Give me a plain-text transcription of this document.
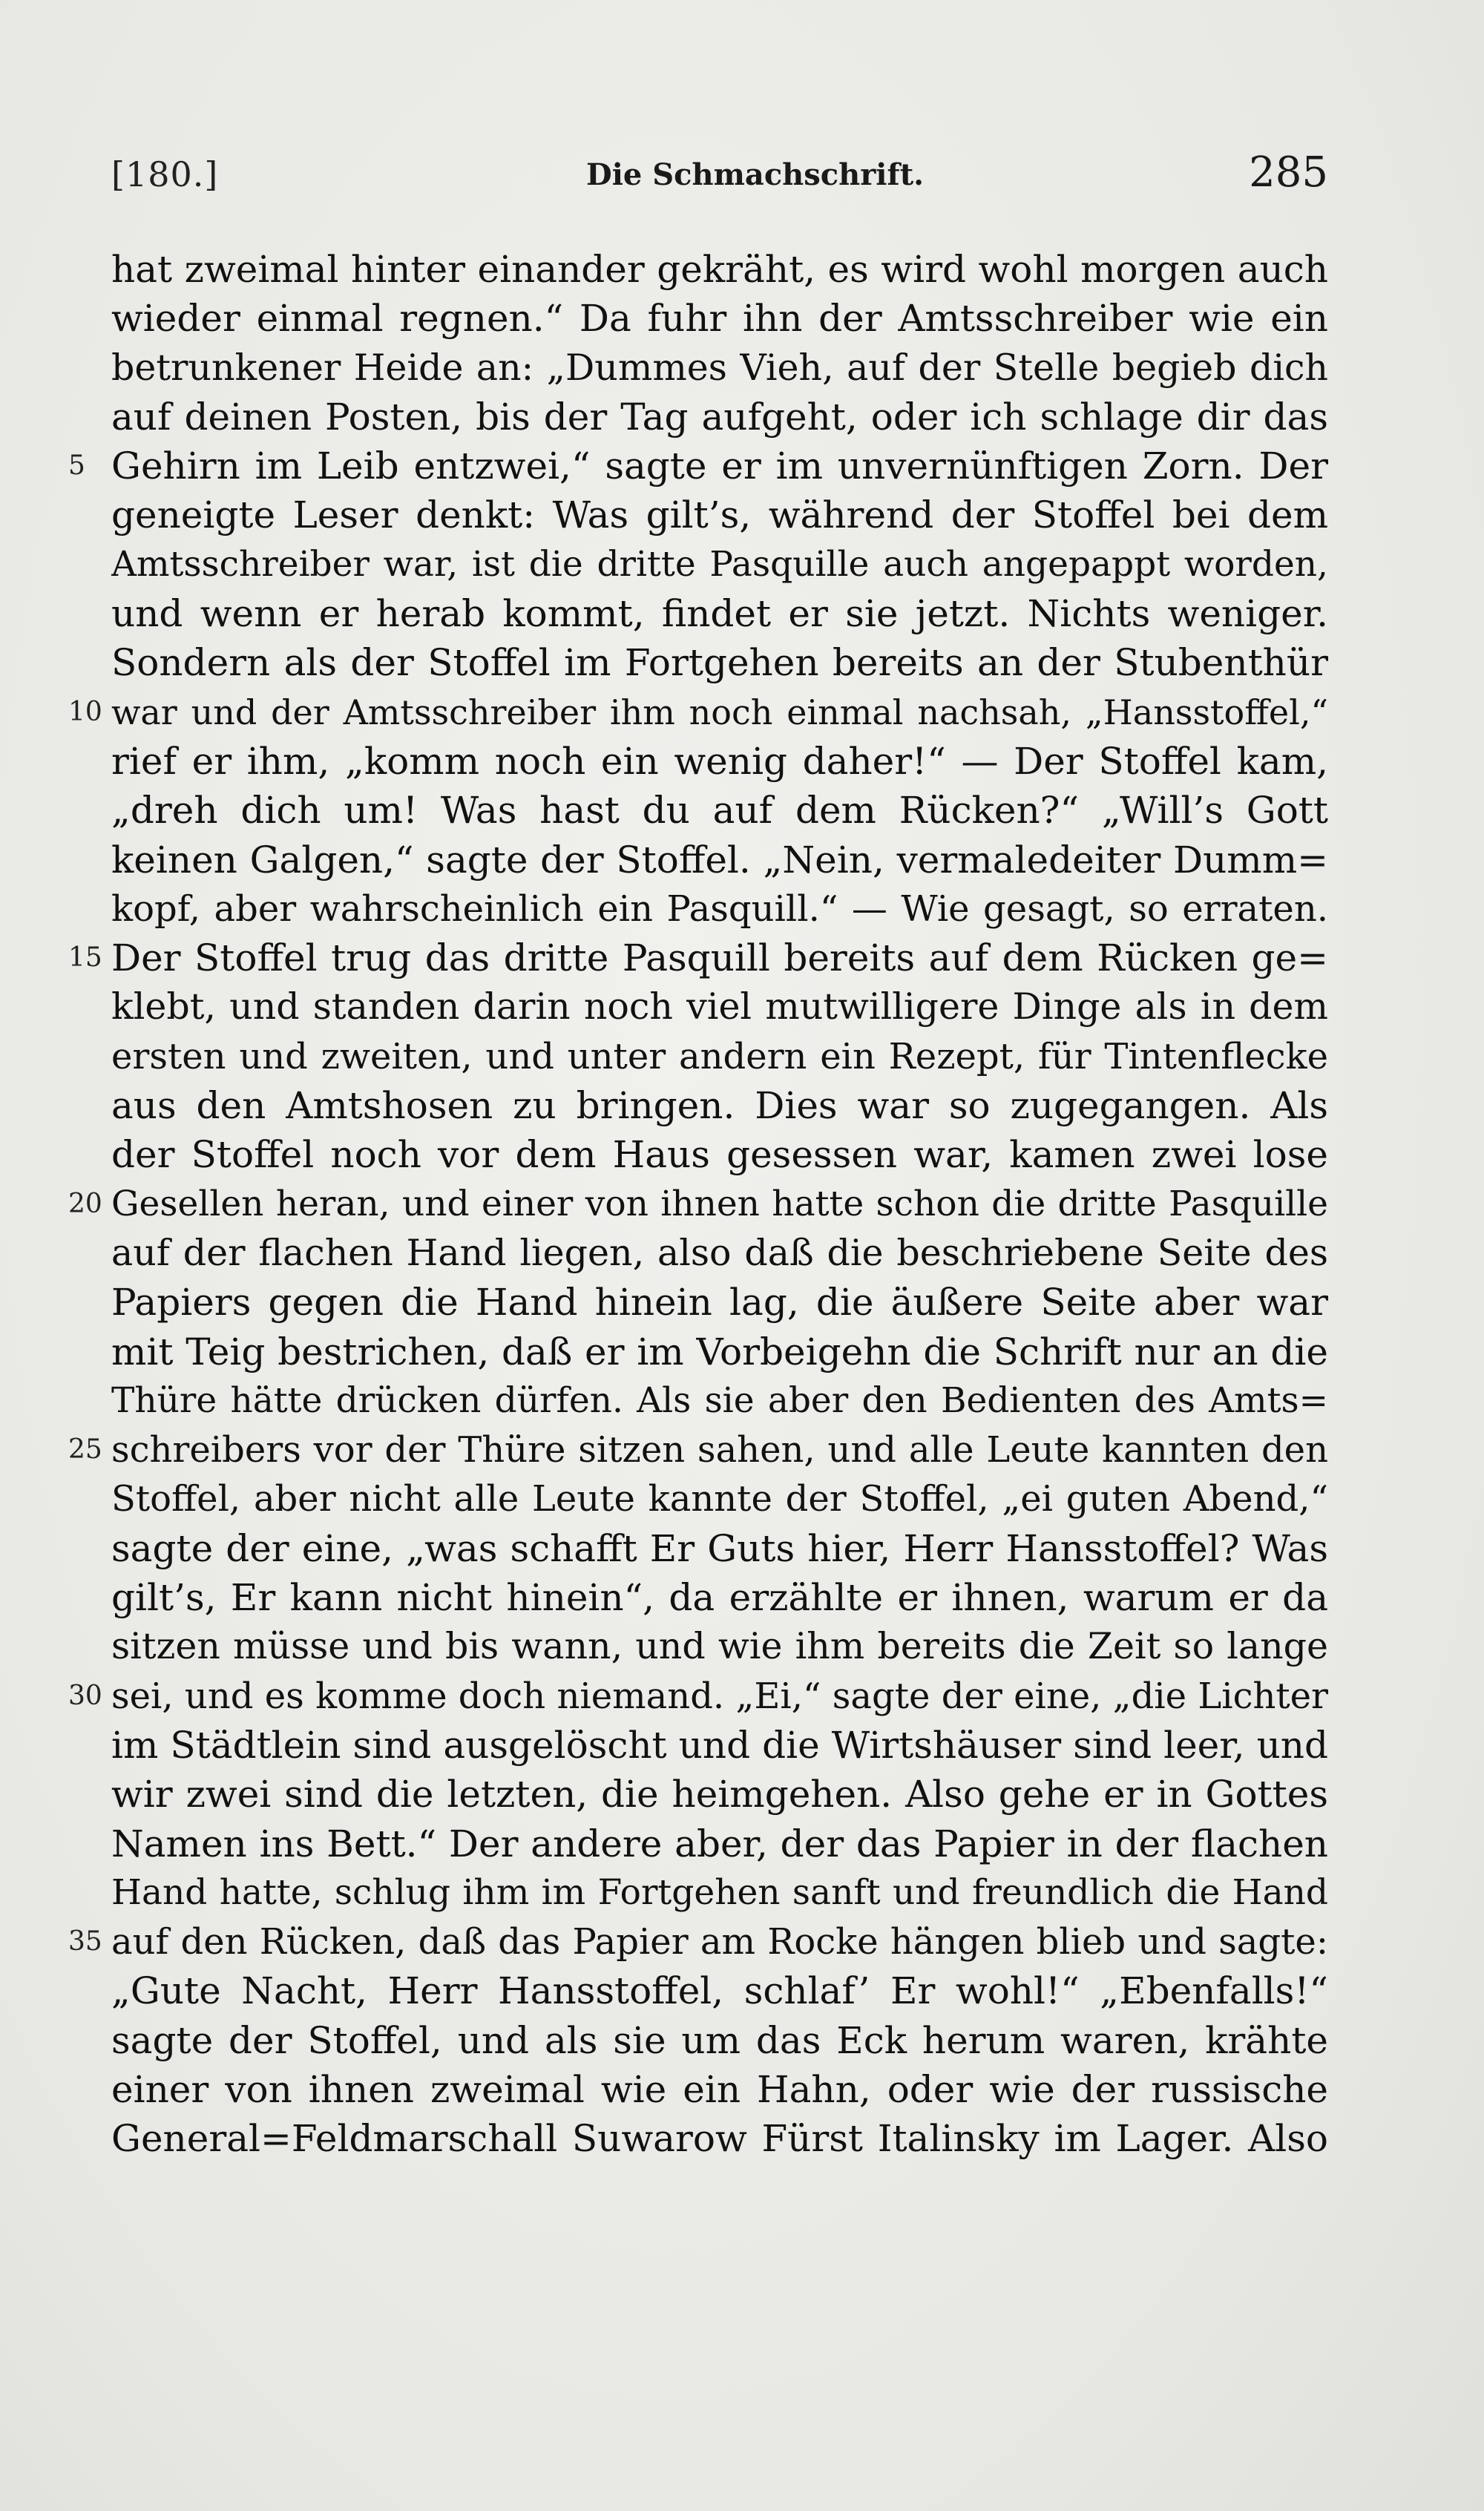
[180.]	Die Schmachschrift.	285
hat zweimal hinter einander gekräht, es wird wohl morgen auch
wieder einmal regnen.“ Da fuhr ihn der Amtsschreiber wie ein
betrunkener Heide an: „Dummes Vieh, auf der Stelle begieb dich
auf deinen Posten, bis der Tag aufgeht, oder ich schlage dir das
5 Gehirn im Leib entzwei,“ sagte er im unvernünftigen Zorn. Der
geneigte Leser denkt: Was gilt’s, während der Stoffel bei dem
Amtsschreiber war, ist die dritte Pasquille auch angepappt worden,
und wenn er herab kommt, findet er sie jetzt. Nichts weniger.
Sondern als der Stoffel im Fortgehen bereits an der Stubenthür
10 war und der Amtsschreiber ihm noch einmal nachsah, „Hansstoffel,“
rief er ihm, „komm noch ein wenig daher!“ — Der Stoffel kam,
„dreh dich um! Was hast du auf dem Rücken?“ „Will’s Gott
keinen Galgen,“ sagte der Stoffel. „Nein, vermaledeiter Dumm=
kopf, aber wahrscheinlich ein Pasquill.“ — Wie gesagt, so erraten.
15 Der Stoffel trug das dritte Pasquill bereits auf dem Rücken ge=
klebt, und standen darin noch viel mutwilligere Dinge als in dem
ersten und zweiten, und unter andern ein Rezept, für Tintenflecke
aus den Amtshosen zu bringen. Dies war so zugegangen. Als
der Stoffel noch vor dem Haus gesessen war, kamen zwei lose
20 Gesellen heran, und einer von ihnen hatte schon die dritte Pasquille
auf der flachen Hand liegen, also daß die beschriebene Seite des
Papiers gegen die Hand hinein lag, die äußere Seite aber war
mit Teig bestrichen, daß er im Vorbeigehn die Schrift nur an die
Thüre hätte drücken dürfen. Als sie aber den Bedienten des Amts=
25 schreibers vor der Thüre sitzen sahen, und alle Leute kannten den
Stoffel, aber nicht alle Leute kannte der Stoffel, „ei guten Abend,“
sagte der eine, „was schafft Er Guts hier, Herr Hansstoffel? Was
gilt’s, Er kann nicht hinein“, da erzählte er ihnen, warum er da
sitzen müsse und bis wann, und wie ihm bereits die Zeit so lange
30 sei, und es komme doch niemand. „Ei,“ sagte der eine, „die Lichter
im Städtlein sind ausgelöscht und die Wirtshäuser sind leer, und
wir zwei sind die letzten, die heimgehen. Also gehe er in Gottes
Namen ins Bett.“ Der andere aber, der das Papier in der flachen
Hand hatte, schlug ihm im Fortgehen sanft und freundlich die Hand
35 auf den Rücken, daß das Papier am Rocke hängen blieb und sagte:
„Gute Nacht, Herr Hansstoffel, schlaf’ Er wohl!“ „Ebenfalls!“
sagte der Stoffel, und als sie um das Eck herum waren, krähte
einer von ihnen zweimal wie ein Hahn, oder wie der russische
General=Feldmarschall Suwarow Fürst Italinsky im Lager. Also
